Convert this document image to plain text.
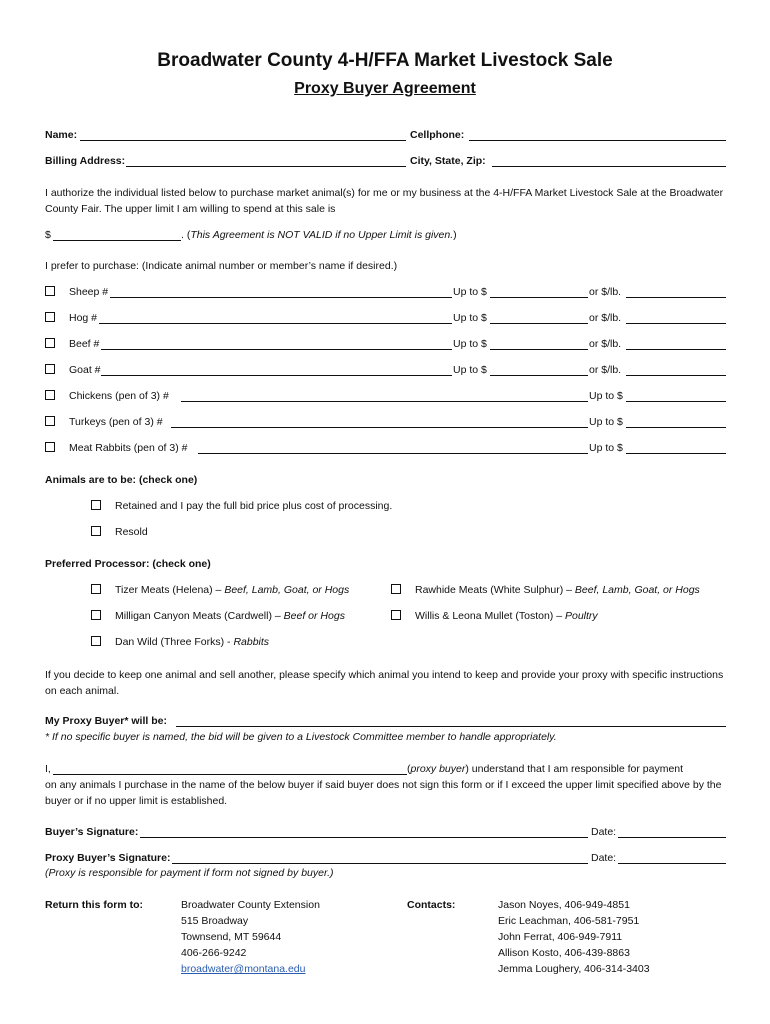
Broadwater County 4-H/FFA Market Livestock Sale
Proxy Buyer Agreement
Name:	Cellphone:
Billing Address:	City, State, Zip:
I authorize the individual listed below to purchase market animal(s) for me or my business at the 4-H/FFA Market Livestock Sale at the Broadwater County Fair. The upper limit I am willing to spend at this sale is
$	. (This Agreement is NOT VALID if no Upper Limit is given.)
I prefer to purchase: (Indicate animal number or member’s name if desired.)
Sheep #	Up to $	or $/lb.
Hog #	Up to $	or $/lb.
Beef #	Up to $	or $/lb.
Goat #	Up to $	or $/lb.
Chickens (pen of 3) #	Up to $
Turkeys (pen of 3) #	Up to $
Meat Rabbits (pen of 3) #	Up to $
Animals are to be: (check one)
Retained and I pay the full bid price plus cost of processing.
Resold
Preferred Processor: (check one)
Tizer Meats (Helena) – Beef, Lamb, Goat, or Hogs	Rawhide Meats (White Sulphur) – Beef, Lamb, Goat, or Hogs
Milligan Canyon Meats (Cardwell) – Beef or Hogs	Willis & Leona Mullet (Toston) – Poultry
Dan Wild (Three Forks) - Rabbits
If you decide to keep one animal and sell another, please specify which animal you intend to keep and provide your proxy with specific instructions on each animal.
My Proxy Buyer* will be:
* If no specific buyer is named, the bid will be given to a Livestock Committee member to handle appropriately.
I,	(proxy buyer) understand that I am responsible for payment
on any animals I purchase in the name of the below buyer if said buyer does not sign this form or if I exceed the upper limit specified above by the buyer or if no upper limit is established.
Buyer’s Signature:	Date:
Proxy Buyer’s Signature:	Date:
(Proxy is responsible for payment if form not signed by buyer.)
Return this form to:	Broadwater County Extension
515 Broadway
Townsend, MT 59644
406-266-9242
broadwater@montana.edu
Contacts:	Jason Noyes, 406-949-4851
Eric Leachman, 406-581-7951
John Ferrat, 406-949-7911
Allison Kosto, 406-439-8863
Jemma Loughery, 406-314-3403
